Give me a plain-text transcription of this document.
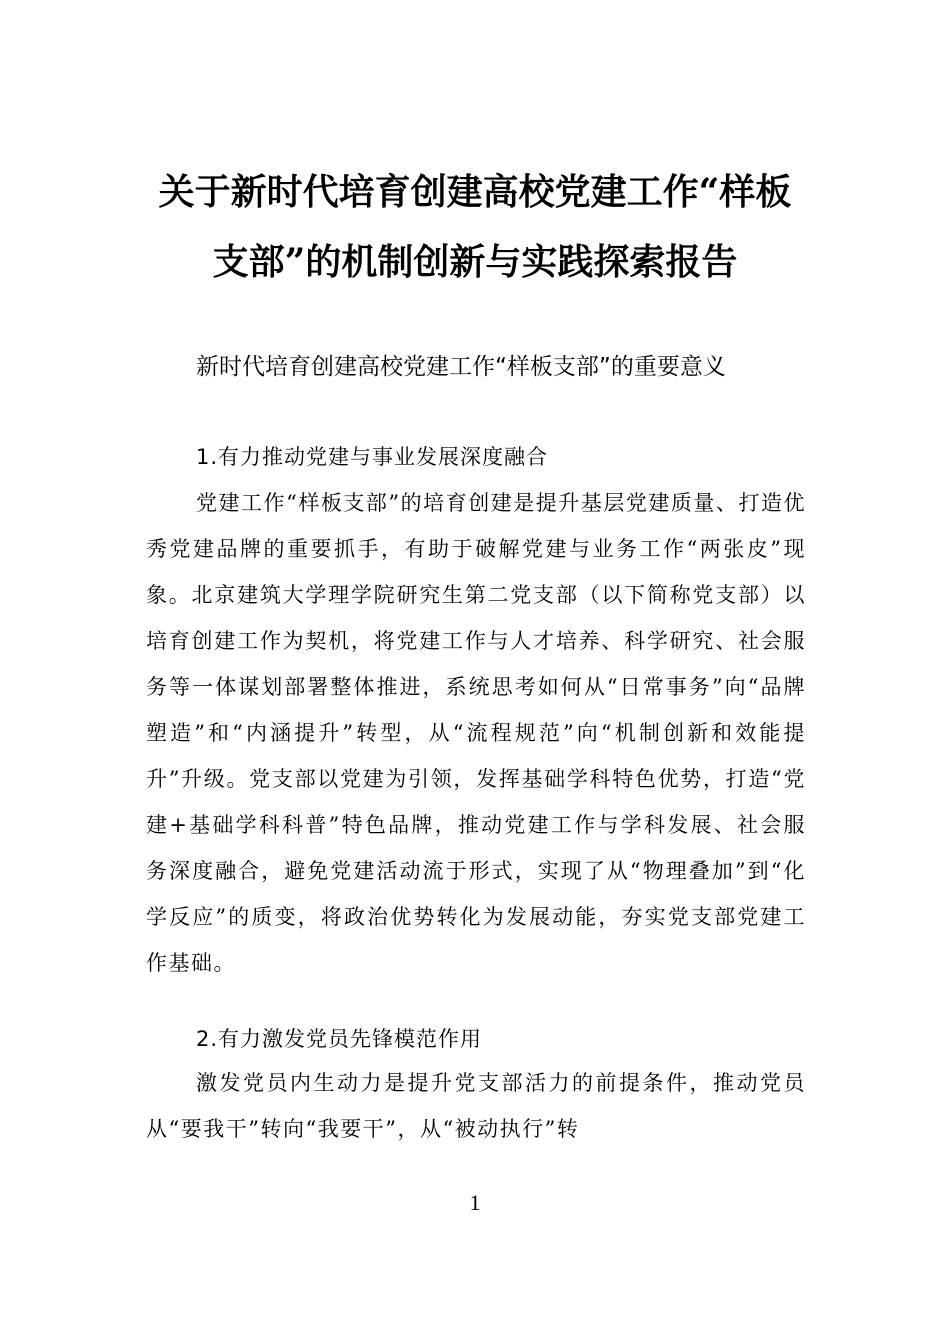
关于新时代培育创建高校党建工作“样板
支部”的机制创新与实践探索报告
新时代培育创建高校党建工作“样板支部”的重要意义
1.有力推动党建与事业发展深度融合
党建工作“样板支部”的培育创建是提升基层党建质量、打造优秀党建品牌的重要抓手，有助于破解党建与业务工作“两张皮”现象。北京建筑大学理学院研究生第二党支部（以下简称党支部）以培育创建工作为契机，将党建工作与人才培养、科学研究、社会服务等一体谋划部署整体推进，系统思考如何从“日常事务”向“品牌塑造”和“内涵提升”转型，从“流程规范”向“机制创新和效能提升”升级。党支部以党建为引领，发挥基础学科特色优势，打造“党建+基础学科科普”特色品牌，推动党建工作与学科发展、社会服务深度融合，避免党建活动流于形式，实现了从“物理叠加”到“化学反应”的质变，将政治优势转化为发展动能，夯实党支部党建工作基础。
2.有力激发党员先锋模范作用
激发党员内生动力是提升党支部活力的前提条件，推动党员从“要我干”转向“我要干”，从“被动执行”转
1
